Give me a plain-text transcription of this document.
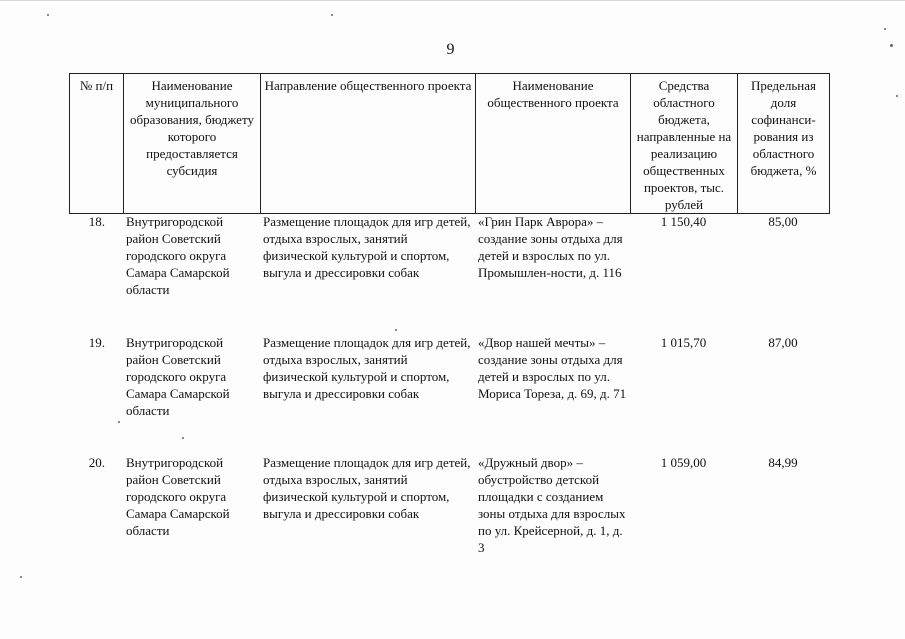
9
№ п/п	Наименование муниципального образования, бюджету которого предоставляется субсидия	Направление общественного проекта	Наименование общественного проекта	Средства областного бюджета, направленные на реализацию общественных проектов, тыс. рублей	Предельная доля софинанси-рования из областного бюджета, %
18.	Внутригородской район Советский городского округа Самара Самарской области	Размещение площадок для игр детей, отдыха взрослых, занятий физической культурой и спортом, выгула и дрессировки собак	«Грин Парк Аврора» – создание зоны отдыха для детей и взрослых по ул. Промышлен-ности, д. 116	1 150,40	85,00
19.	Внутригородской район Советский городского округа Самара Самарской области	Размещение площадок для игр детей, отдыха взрослых, занятий физической культурой и спортом, выгула и дрессировки собак	«Двор нашей мечты» – создание зоны отдыха для детей и взрослых по ул. Мориса Тореза, д. 69, д. 71	1 015,70	87,00
20.	Внутригородской район Советский городского округа Самара Самарской области	Размещение площадок для игр детей, отдыха взрослых, занятий физической культурой и спортом, выгула и дрессировки собак	«Дружный двор» – обустройство детской площадки с созданием зоны отдыха для взрослых по ул. Крейсерной, д. 1, д. 3	1 059,00	84,99
